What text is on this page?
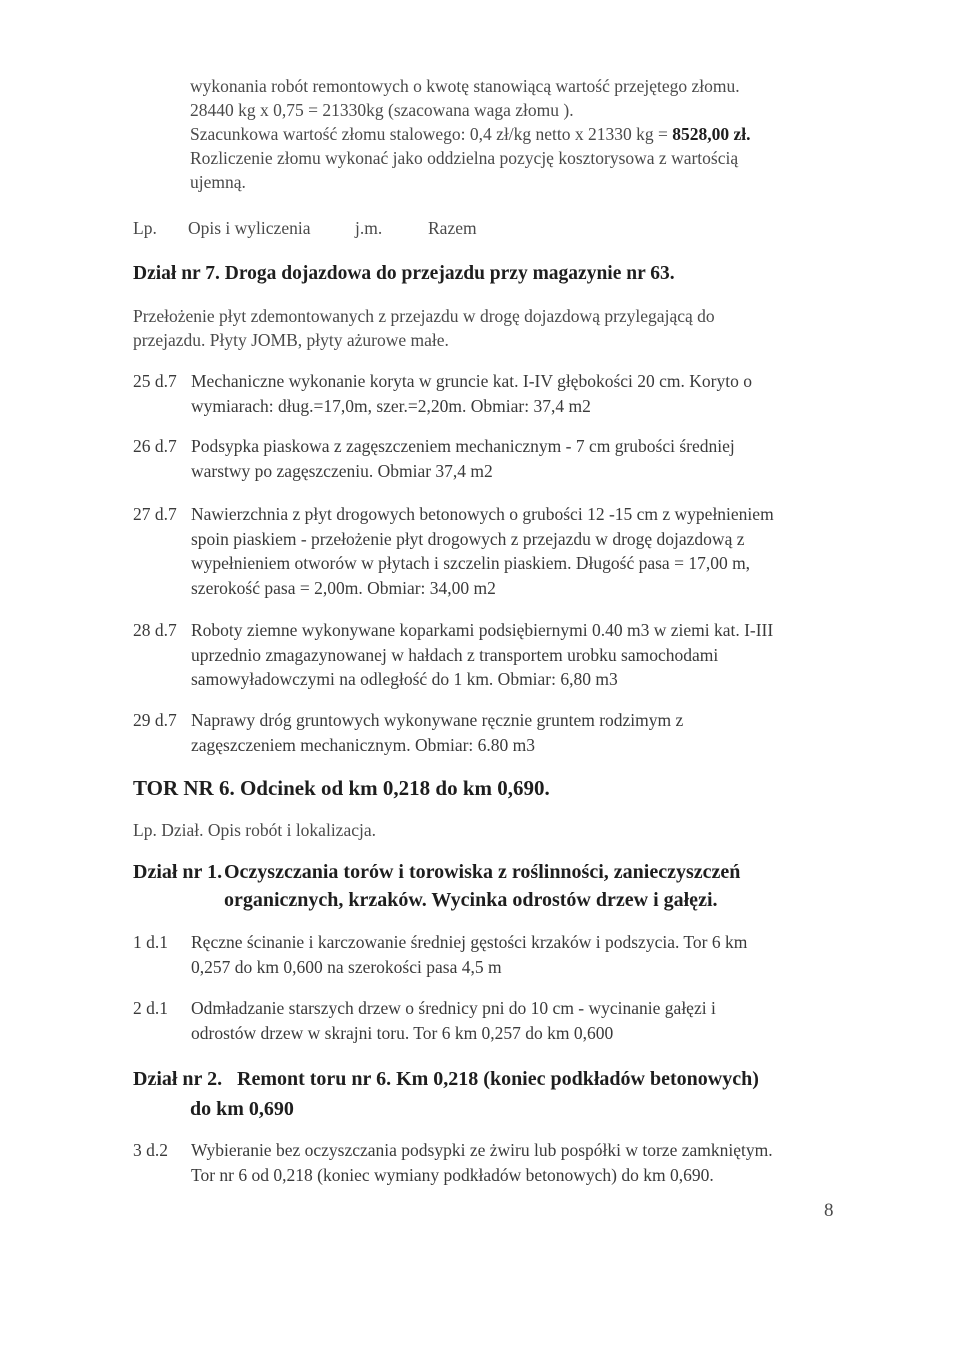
wykonania robót remontowych o kwotę stanowiącą wartość przejętego złomu.
28440 kg x 0,75 = 21330kg (szacowana waga złomu ).
Szacunkowa wartość złomu stalowego: 0,4 zł/kg netto x 21330 kg = 8528,00 zł.
Rozliczenie złomu wykonać jako oddzielna pozycję kosztorysowa z wartością
ujemną.
Lp. Opis i wyliczenia	j.m.	Razem
Dział nr 7. Droga dojazdowa do przejazdu przy magazynie nr 63.
Przełożenie płyt zdemontowanych z przejazdu w drogę dojazdową przylegającą do
przejazdu. Płyty JOMB, płyty ażurowe małe.
25 d.7 Mechaniczne wykonanie koryta w gruncie kat. I-IV głębokości 20 cm. Koryto o
wymiarach: dług.=17,0m, szer.=2,20m. Obmiar: 37,4 m2
26 d.7 Podsypka piaskowa z zagęszczeniem mechanicznym - 7 cm grubości średniej
warstwy po zagęszczeniu. Obmiar 37,4 m2
27 d.7 Nawierzchnia z płyt drogowych betonowych o grubości 12 -15 cm z wypełnieniem
spoin piaskiem - przełożenie płyt drogowych z przejazdu w drogę dojazdową z
wypełnieniem otworów w płytach i szczelin piaskiem. Długość pasa = 17,00 m,
szerokość pasa = 2,00m. Obmiar: 34,00 m2
28 d.7 Roboty ziemne wykonywane koparkami podsiębiernymi 0.40 m3 w ziemi kat. I-III
uprzednio zmagazynowanej w hałdach z transportem urobku samochodami
samowyładowczymi na odległość do 1 km. Obmiar: 6,80 m3
29 d.7 Naprawy dróg gruntowych wykonywane ręcznie gruntem rodzimym z
zagęszczeniem mechanicznym. Obmiar: 6.80 m3
TOR NR 6. Odcinek od km 0,218 do km 0,690.
Lp. Dział. Opis robót i lokalizacja.
Dział nr 1.Oczyszczania torów i torowiska z roślinności, zanieczyszczeń
organicznych, krzaków. Wycinka odrostów drzew i gałęzi.
1 d.1	Ręczne ścinanie i karczowanie średniej gęstości krzaków i podszycia. Tor 6 km
0,257 do km 0,600 na szerokości pasa 4,5 m
2 d.1	Odmładzanie starszych drzew o średnicy pni do 10 cm - wycinanie gałęzi i
odrostów drzew w skrajni toru. Tor 6 km 0,257 do km 0,600
Dział nr 2. Remont toru nr 6. Km 0,218 (koniec podkładów betonowych)
do km 0,690
3 d.2	Wybieranie bez oczyszczania podsypki ze żwiru lub pospółki w torze zamkniętym.
Tor nr 6 od 0,218 (koniec wymiany podkładów betonowych) do km 0,690.
8
